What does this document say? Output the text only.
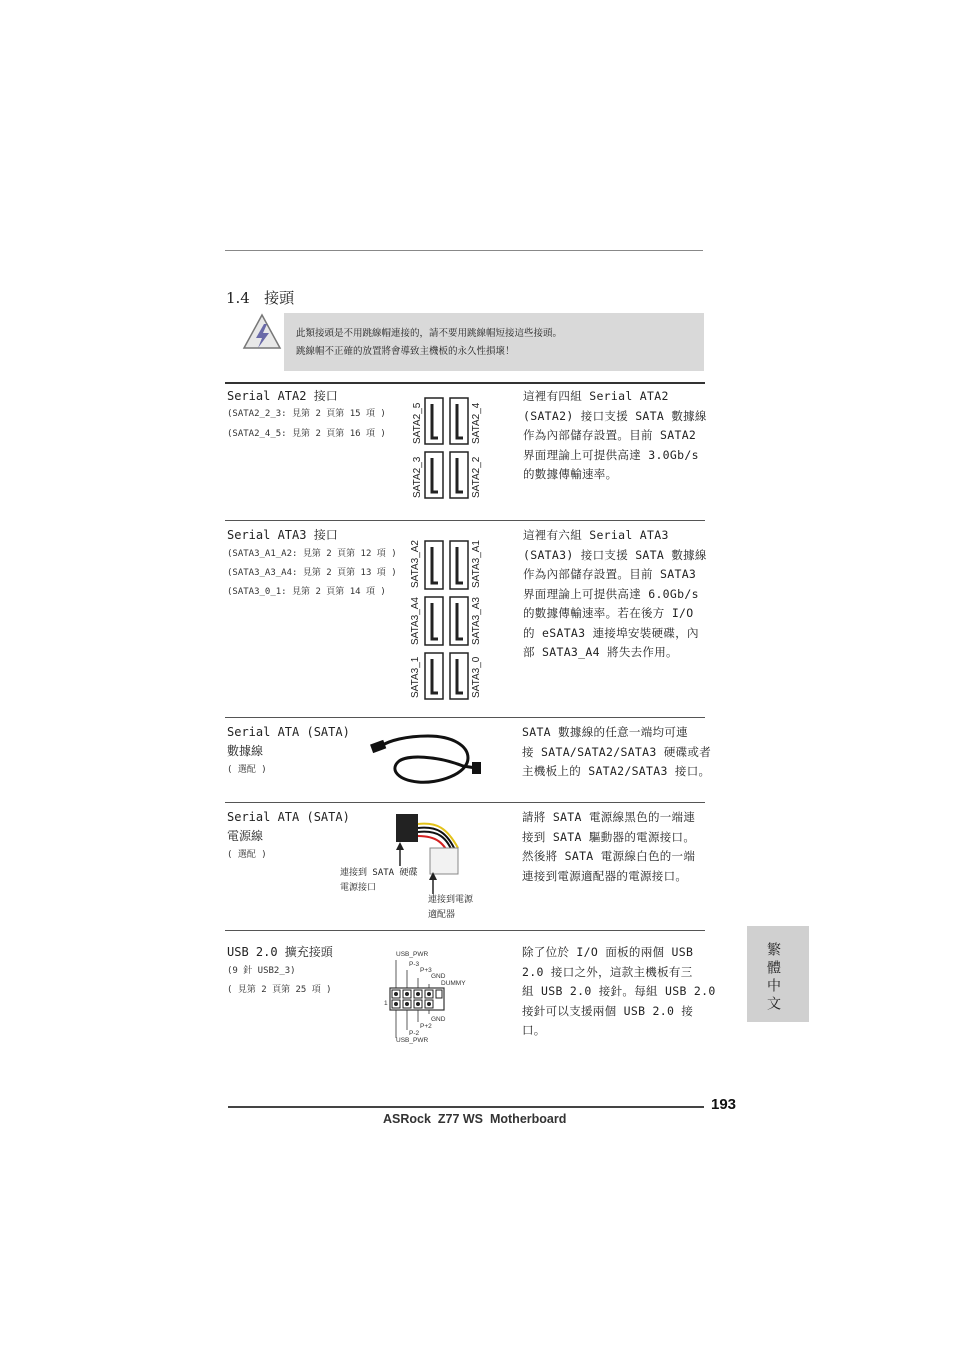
1.4 接頭
此類接頭是不用跳線帽連接的，請不要用跳線帽短接這些接頭。
跳線帽不正確的放置將會導致主機板的永久性損壞！
Serial ATA2 接口
(SATA2_2_3: 見第 2 頁第 15 項 )
(SATA2_4_5: 見第 2 頁第 16 項 )	SATA2_5
SATA2_3
SATA2_4
SATA2_2
這裡有四組 Serial ATA2
(SATA2) 接口支援 SATA 數據線
作為內部儲存設置。目前 SATA2
界面理論上可提供高達 3.0Gb/s
的數據傳輸速率。
Serial ATA3 接口
(SATA3_A1_A2: 見第 2 頁第 12 項 )
(SATA3_A3_A4: 見第 2 頁第 13 項 )
(SATA3_0_1: 見第 2 頁第 14 項 )
SATA3_A2
SATA3_A4
SATA3_1
SATA3_A1
SATA3_A3
SATA3_0
這裡有六組 Serial ATA3
(SATA3) 接口支援 SATA 數據線
作為內部儲存設置。目前 SATA3
界面理論上可提供高達 6.0Gb/s
的數據傳輸速率。若在後方 I/O
的 eSATA3 連接埠安裝硬碟，內
部 SATA3_A4 將失去作用。
Serial ATA (SATA)
數據線
( 選配 )
SATA 數據線的任意一端均可連
接 SATA/SATA2/SATA3 硬碟或者
主機板上的 SATA2/SATA3 接口。
Serial ATA (SATA)
電源線
( 選配 )
連接到 SATA 硬碟
電源接口
連接到電源
適配器
請將 SATA 電源線黑色的一端連
接到 SATA 驅動器的電源接口。
然後將 SATA 電源線白色的一端
連接到電源適配器的電源接口。
USB 2.0 擴充接頭
(9 針 USB2_3)
( 見第 2 頁第 25 項 )
USB_PWR
P-3
P+3
GND
DUMMY
1
GND
P+2
P-2
USB_PWR
除了位於 I/O 面板的兩個 USB
2.0 接口之外，這款主機板有三
組 USB 2.0 接針。每組 USB 2.0
接針可以支援兩個 USB 2.0 接
口。
繁體中文
193
ASRock  Z77 WS  Motherboard
